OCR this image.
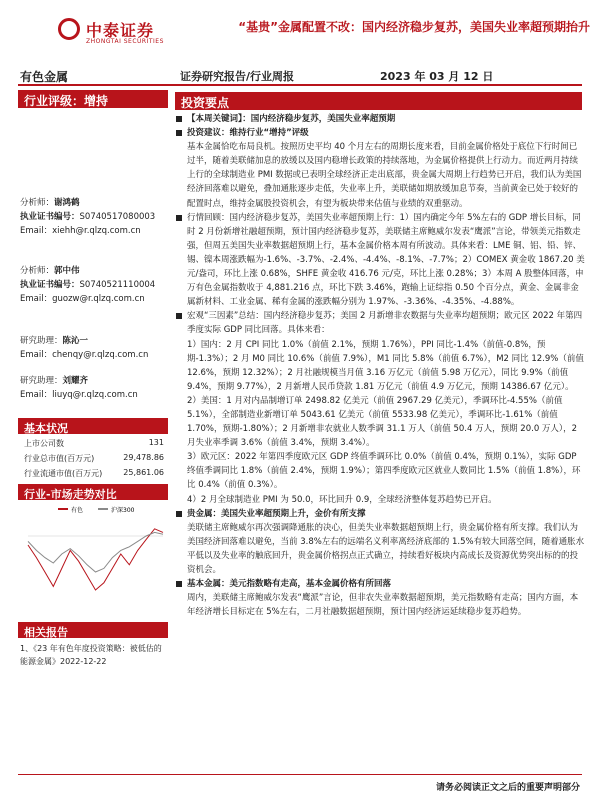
中泰证券
ZHONGTAI SECURITIES
“基贵”金属配置不改：国内经济稳步复苏，美国失业率超预期抬升
有色金属	证券研究报告/行业周报	2023 年 03 月 12 日
行业评级：增持
分析师：谢鸿鹤
执业证书编号：S0740517080003
Email：xiehh@r.qlzq.com.cn
分析师：郭中伟
执业证书编号：S0740521110004
Email：guozw@r.qlzq.com.cn
研究助理：陈沁一
Email：chenqy@r.qlzq.com.cn
研究助理：刘耀齐
Email：liuyq@r.qlzq.com.cn
基本状况
上市公司数	131
行业总市值(百万元)	29,478.86
行业流通市值(百万元)	25,861.06
行业-市场走势对比
有色	沪深300
相关报告
1、《23 年有色年度投资策略：被低估的能源金属》2022-12-22
投资要点

【本周关键词】：国内经济稳步复苏，美国失业率超预期

投资建议：维持行业“增持”评级

基本金属恰吃布局良机。按照历史平均 40 个月左右的周期长度来看，目前金属价格处于底位下行时间已过半，随着美联储加息的放缓以及国内稳增长政策的持续落地，为金属价格提供上行动力。而近两月持续上行的全球制造业 PMI 数据或已表明全球经济正走出底部，贵金属大周期上行趋势已开启，我们认为美国经济回落难以避免，叠加通胀逐步走低，失业率上升，美联储如期放缓加息节奏，当前黄金已处于较好的配置时点，维持金属股投资机会，有望为板块带来估值与业绩的双重驱动。

行情回顾：国内经济稳步复苏，美国失业率超预期上行：1）国内确定今年 5%左右的 GDP 增长目标，同时 2 月份新增社融超预期，预计国内经济稳步复苏，美联储主席鲍威尔发表“鹰派”言论，带领美元指数走强，但周五美国失业率数据超预期上行，基本金属价格本周有所波动。具体来看：LME 铜、铝、铅、锌、锡、镍本周涨跌幅为-1.6%、-3.7%、-2.4%、-4.4%、-8.1%、-7.7%；2）COMEX 黄金收 1867.20 美元/盎司，环比上涨 0.68%，SHFE 黄金收 416.76 元/克，环比上涨 0.28%；3）本周 A 股整体回落，申万有色金属指数收于 4,881.216 点，环比下跌 3.46%，跑输上证综指 0.50 个百分点，黄金、金属非金属新材料、工业金属、稀有金属的涨跌幅分别为 1.97%、-3.36%、-4.35%、-4.88%。

宏观“三因素”总结：国内经济稳步复苏；美国 2 月新增非农数据与失业率均超预期；欧元区 2022 年第四季度实际 GDP 同比回落。具体来看：

1）国内：2 月 CPI 同比 1.0%（前值 2.1%，预期 1.76%），PPI 同比-1.4%（前值-0.8%，预期-1.3%）；2 月 M0 同比 10.6%（前值 7.9%），M1 同比 5.8%（前值 6.7%），M2 同比 12.9%（前值 12.6%，预期 12.32%）；2 月社融规模当月值 3.16 万亿元（前值 5.98 万亿元），同比 9.9%（前值 9.4%，预期 9.77%），2 月新增人民币贷款 1.81 万亿元（前值 4.9 万亿元，预期 14386.67 亿元）。

2）美国：1 月对内品制增订单 2498.82 亿美元（前值 2967.29 亿美元），季调环比-4.55%（前值 5.1%），全部制造业新增订单 5043.61 亿美元（前值 5533.98 亿美元），季调环比-1.61%（前值 1.70%，预期-1.80%）；2 月新增非农就业人数季调 31.1 万人（前值 50.4 万人，预期 20.0 万人），2 月失业率季调 3.6%（前值 3.4%，预期 3.4%）。

3）欧元区：2022 年第四季度欧元区 GDP 终值季调环比 0.0%（前值 0.4%，预期 0.1%），实际 GDP 终值季调同比 1.8%（前值 2.4%，预期 1.9%）；第四季度欧元区就业人数同比 1.5%（前值 1.8%），环比 0.4%（前值 0.3%）。

4）2 月全球制造业 PMI 为 50.0，环比回升 0.9，全球经济整体复苏趋势已开启。

贵金属：美国失业率超预期上升，金价有所支撑

美联储主席鲍威尔再次强调降通胀的决心，但美失业率数据超预期上行，贵金属价格有所支撑。我们认为美国经济回落难以避免，当前 3.8%左右的远端名义利率离经济底部的 1.5%有较大回落空间，随着通胀水平低以及失业率的触底回升，贵金属价格拐点正式确立，持续看好板块内高成长及资源优势突出标的的投资机会。

基本金属：美元指数略有走高，基本金属价格有所回落

周内，美联储主席鲍威尔发表“鹰派”言论，但非农失业率数据超预期，美元指数略有走高；国内方面，本年经济增长目标定在 5%左右，二月社融数据超预期，预计国内经济运延续稳步复苏趋势。

请务必阅读正文之后的重要声明部分
